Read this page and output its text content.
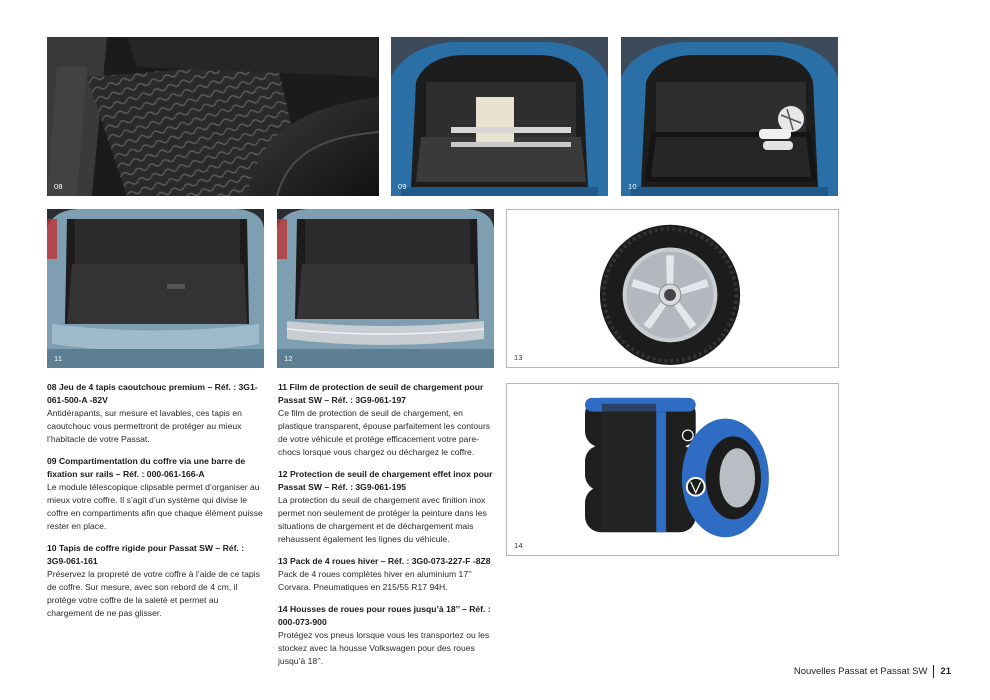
08	09	10
11	12	13
14
08 Jeu de 4 tapis caoutchouc premium – Réf. : 3G1-061-500-A -82V
Antidérapants, sur mesure et lavables, ces tapis en caoutchouc vous permettront de protéger au mieux l’habitacle de votre Passat.
09 Compartimentation du coffre via une barre de fixation sur rails – Réf. : 000-061-166-A
Le module télescopique clipsable permet d’organiser au mieux votre coffre. Il s’agit d’un système qui divise le coffre en compartiments afin que chaque élément puisse rester en place.
10 Tapis de coffre rigide pour Passat SW – Réf. : 3G9-061-161
Préservez la propreté de votre coffre à l’aide de ce tapis de coffre. Sur mesure, avec son rebord de 4 cm, il protège votre coffre de la saleté et permet au chargement de ne pas glisser.
11 Film de protection de seuil de chargement pour Passat SW – Réf. : 3G9-061-197
Ce film de protection de seuil de chargement, en plastique transparent, épouse parfaitement les contours de votre véhicule et protège efficacement votre pare-chocs lorsque vous chargez ou déchargez le coffre.
12 Protection de seuil de chargement effet inox pour Passat SW – Réf. : 3G9-061-195
La protection du seuil de chargement avec finition inox permet non seulement de protéger la peinture dans les situations de chargement et de déchargement mais rehaussent également les lignes du véhicule.
13 Pack de 4 roues hiver – Réf. : 3G0-073-227-F -8Z8
Pack de 4 roues complètes hiver en aluminium 17’’ Corvara. Pneumatiques en 215/55 R17 94H.
14 Housses de roues pour roues jusqu’à 18’’ – Réf. : 000-073-900
Protégez vos pneus lorsque vous les transportez ou les stockez avec la housse Volkswagen pour des roues jusqu’à 18’’.
Nouvelles Passat et Passat SW 21
